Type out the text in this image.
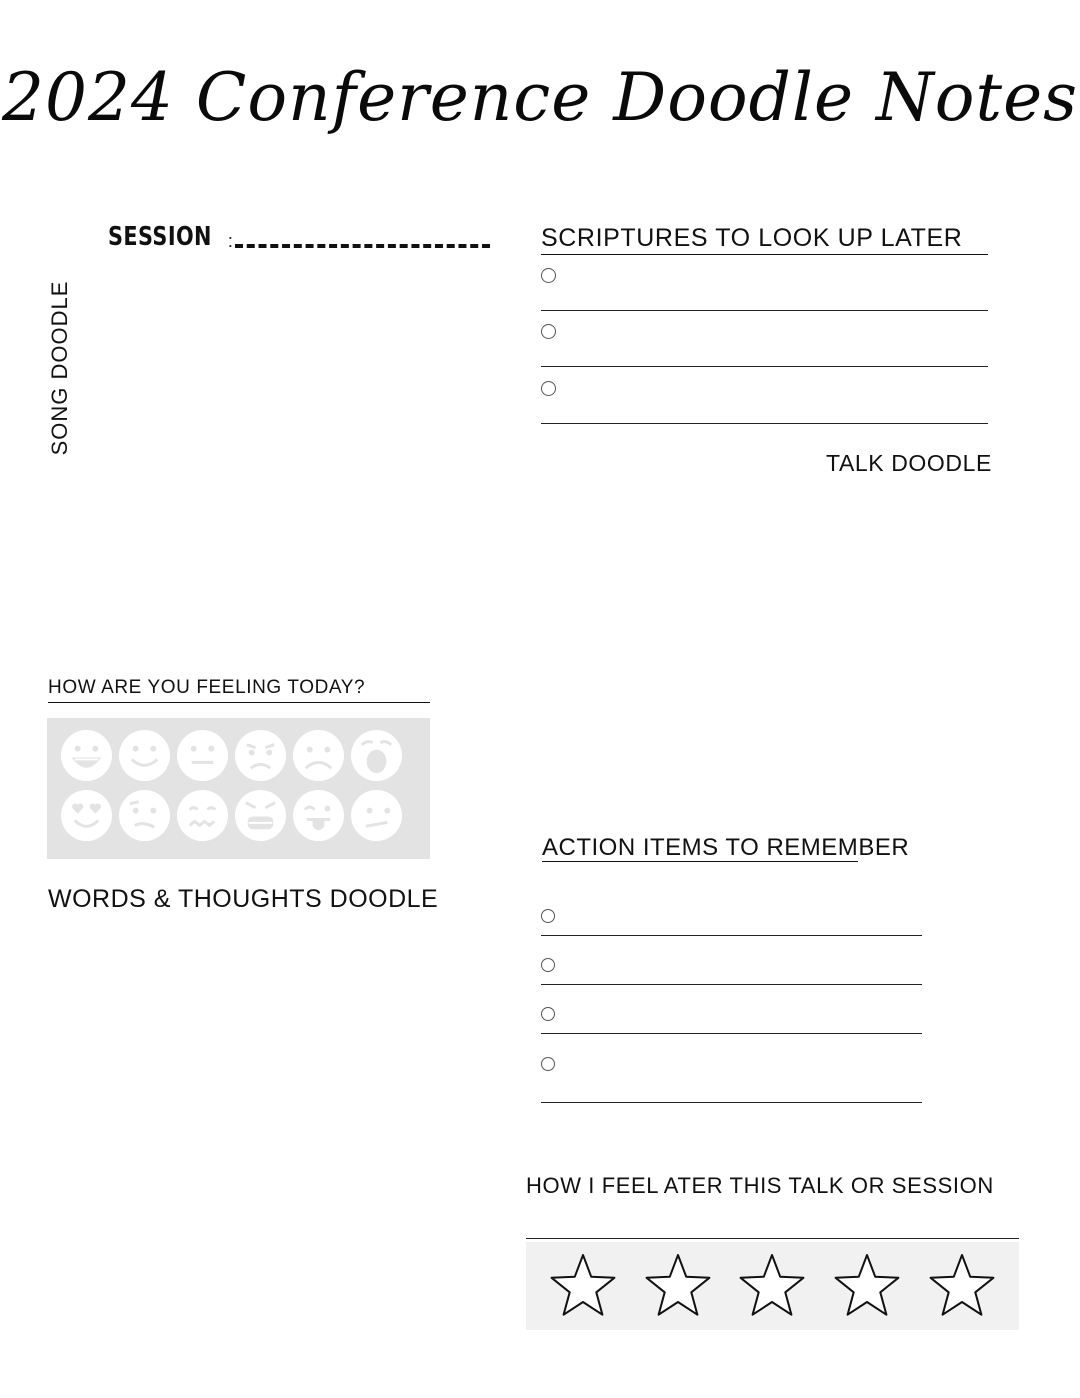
2024 Conference Doodle Notes
SESSION :
SONG DOODLE
SCRIPTURES TO LOOK UP LATER
TALK DOODLE
HOW ARE YOU FEELING TODAY?
WORDS & THOUGHTS DOODLE
ACTION ITEMS TO REMEMBER
HOW I FEEL ATER THIS TALK OR SESSION
